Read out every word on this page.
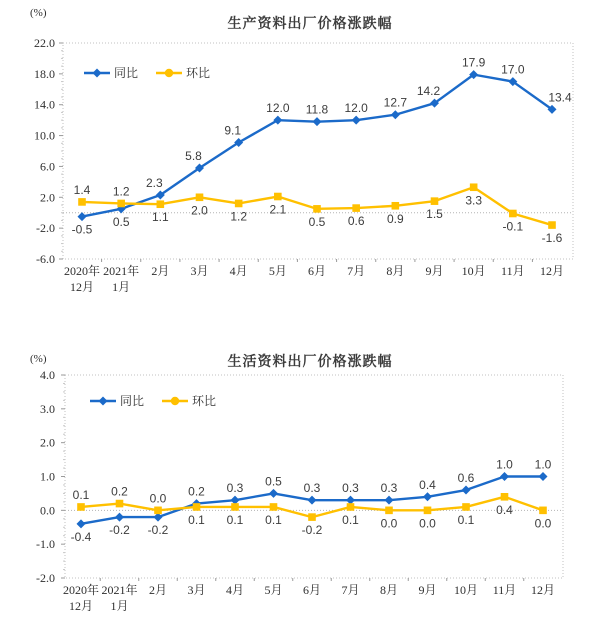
(%)
生产资料出厂价格涨跌幅
同比	环比
22.0
18.0
14.0
10.0
6.0
2.0
-2.0
-6.0
2020年
12月
2021年
1月
2月 3月 4月 5月 6月 7月 8月 9月 10月 11月 12月
-0.5
0.5
2.3
5.8
9.1
12.0 11.8 12.0 12.7
14.2
17.9 17.0
13.4
1.4 1.2
1.1 2.0 1.2 2.1
0.5 0.6 0.9 1.5
3.3
-0.1
-1.6
(%)	生活资料出厂价格涨跌幅
同比	环比
4.0
3.0
2.0
1.0
0.0
-1.0
-2.0
2020年
12月
2021年
1月
2月 3月 4月 5月 6月 7月 8月 9月 10月 11月 12月
-0.4 -0.2 -0.2
0.2 0.3 0.5 0.3 0.3 0.3 0.4 0.6
1.0 1.0
0.1 0.2 0.0
0.1 0.1 0.1
-0.2
0.1 0.0 0.0 0.1
0.4
0.0
